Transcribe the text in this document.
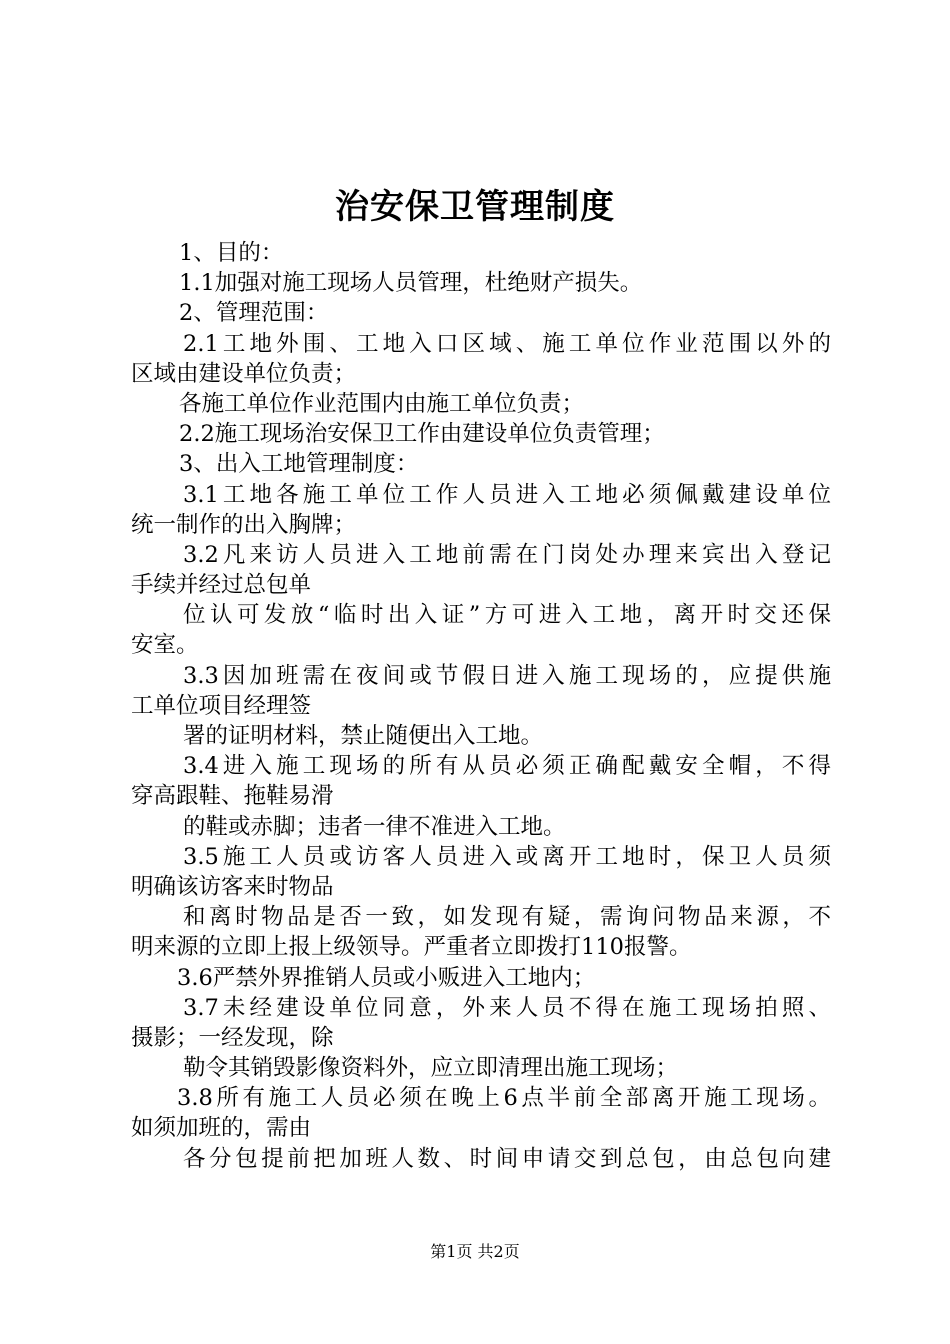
治安保卫管理制度
1、目的：
1.1加强对施工现场人员管理，杜绝财产损失。
2、管理范围：
2.1工地外围、工地入口区域、施工单位作业范围以外的
区域由建设单位负责；
各施工单位作业范围内由施工单位负责；
2.2施工现场治安保卫工作由建设单位负责管理；
3、出入工地管理制度：
3.1工地各施工单位工作人员进入工地必须佩戴建设单位
统一制作的出入胸牌；
3.2凡来访人员进入工地前需在门岗处办理来宾出入登记
手续并经过总包单
位认可发放“临时出入证”方可进入工地，离开时交还保
安室。
3.3因加班需在夜间或节假日进入施工现场的，应提供施
工单位项目经理签
署的证明材料，禁止随便出入工地。
3.4进入施工现场的所有从员必须正确配戴安全帽，不得
穿高跟鞋、拖鞋易滑
的鞋或赤脚；违者一律不准进入工地。
3.5施工人员或访客人员进入或离开工地时，保卫人员须
明确该访客来时物品
和离时物品是否一致，如发现有疑，需询问物品来源，不
明来源的立即上报上级领导。严重者立即拨打110报警。
3.6严禁外界推销人员或小贩进入工地内；
3.7未经建设单位同意，外来人员不得在施工现场拍照、
摄影；一经发现，除
勒令其销毁影像资料外，应立即清理出施工现场；
3.8所有施工人员必须在晚上6点半前全部离开施工现场。
如须加班的，需由
各分包提前把加班人数、时间申请交到总包，由总包向建
第1页 共2页
